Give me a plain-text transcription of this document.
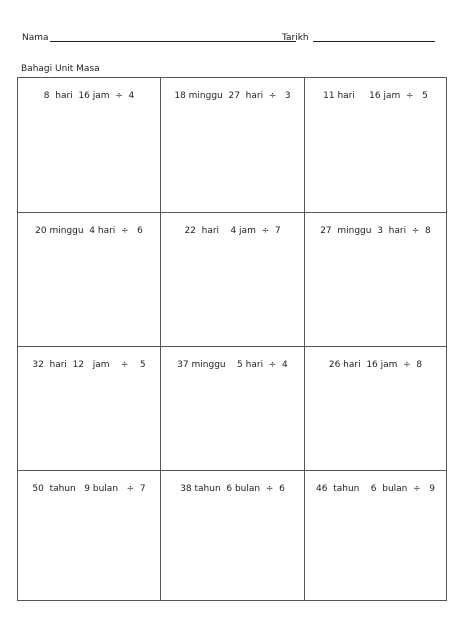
Nama	Tarikh
Bahagi Unit Masa
8  hari  16 jam  ÷  4	18 minggu  27  hari  ÷   3	11 hari     16 jam  ÷   5
20 minggu  4 hari  ÷   6	22  hari    4 jam  ÷  7	27  minggu  3  hari  ÷  8
32  hari  12   jam    ÷    5	37 minggu    5 hari  ÷  4	26 hari  16 jam  ÷  8
50  tahun   9 bulan   ÷  7	38 tahun  6 bulan  ÷  6	46  tahun    6  bulan  ÷   9
